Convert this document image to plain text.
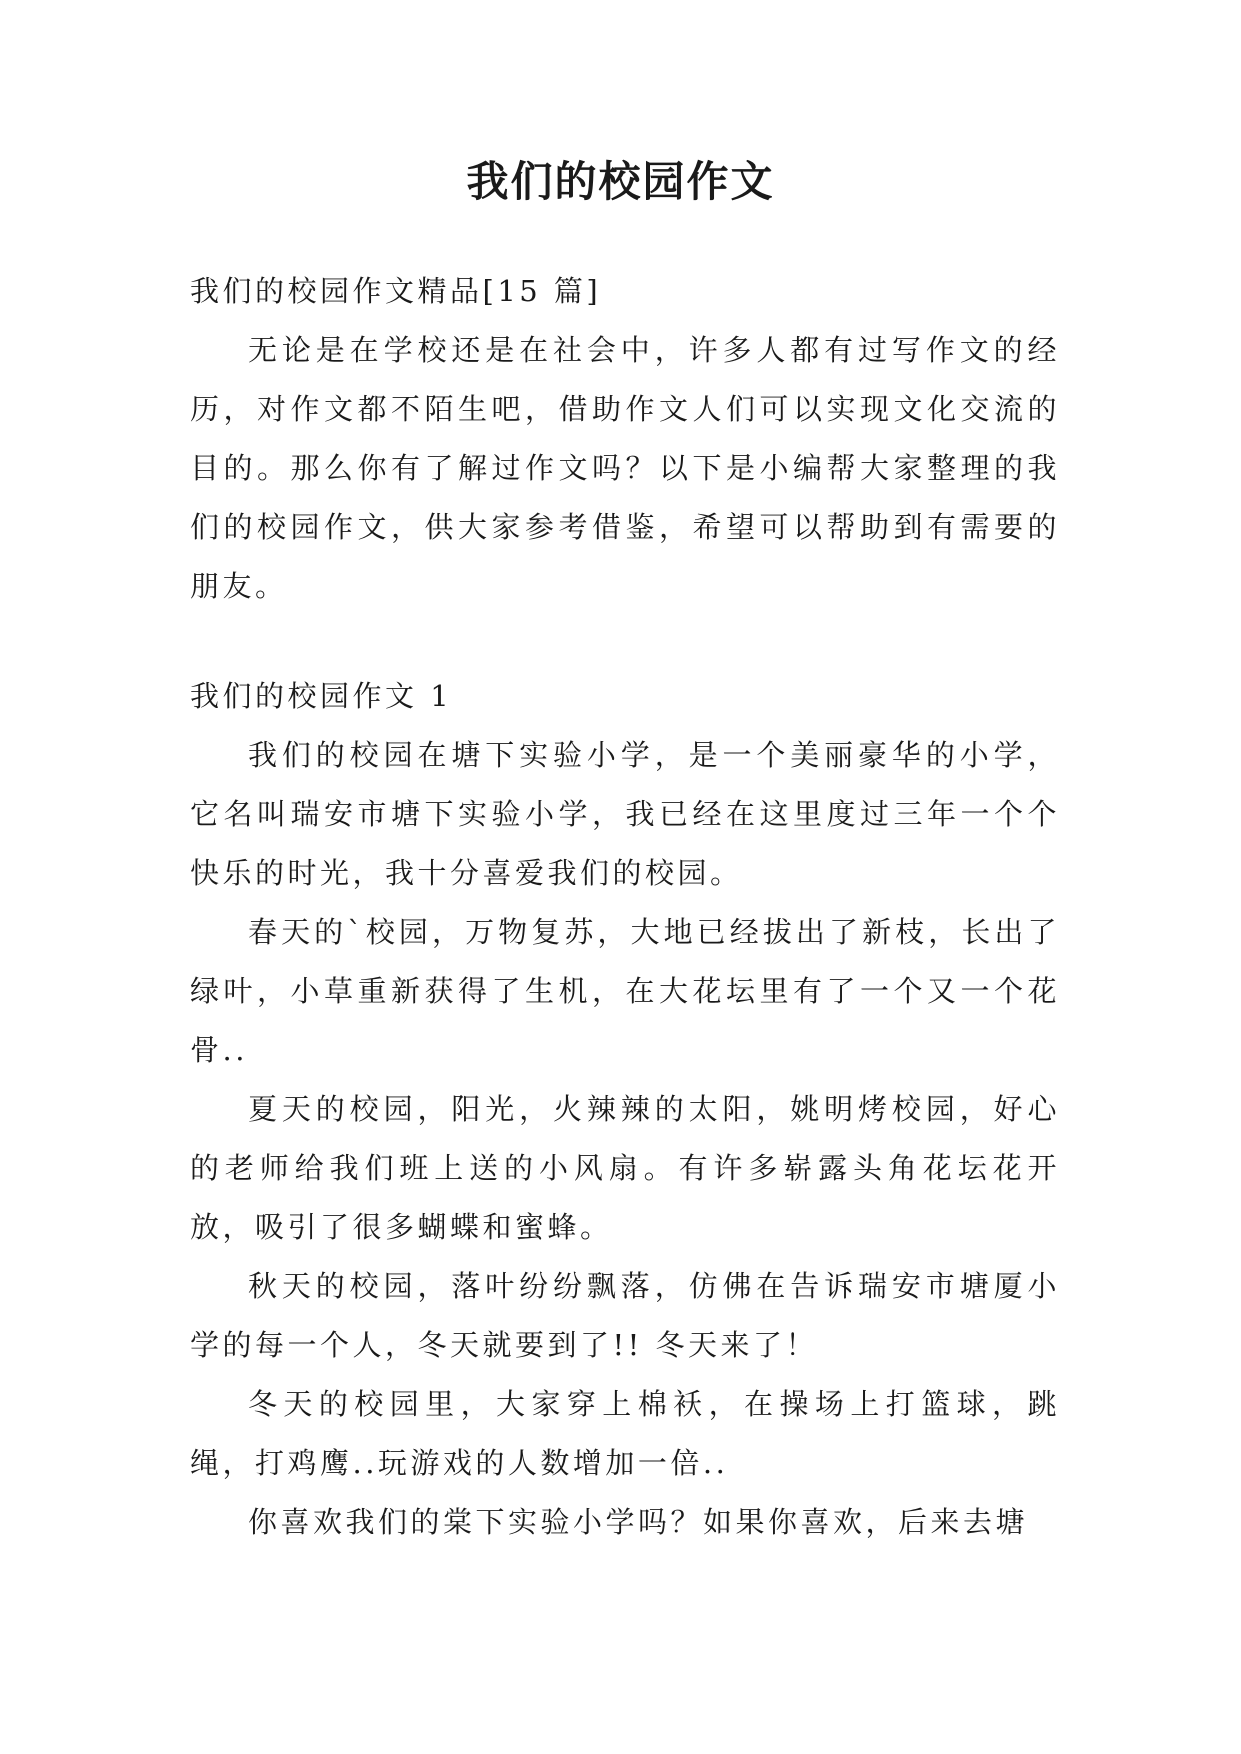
我们的校园作文

我们的校园作文精品[15 篇]

无论是在学校还是在社会中，许多人都有过写作文的经历，对作文都不陌生吧，借助作文人们可以实现文化交流的目的。那么你有了解过作文吗？以下是小编帮大家整理的我们的校园作文，供大家参考借鉴，希望可以帮助到有需要的朋友。

我们的校园作文 1

我们的校园在塘下实验小学，是一个美丽豪华的小学，它名叫瑞安市塘下实验小学，我已经在这里度过三年一个个快乐的时光，我十分喜爱我们的校园。

春天的`校园，万物复苏，大地已经拔出了新枝，长出了绿叶，小草重新获得了生机，在大花坛里有了一个又一个花骨..

夏天的校园，阳光，火辣辣的太阳，姚明烤校园，好心的老师给我们班上送的小风扇。有许多崭露头角花坛花开放，吸引了很多蝴蝶和蜜蜂。

秋天的校园，落叶纷纷飘落，仿佛在告诉瑞安市塘厦小学的每一个人，冬天就要到了!! 冬天来了！

冬天的校园里，大家穿上棉袄，在操场上打篮球，跳绳，打鸡鹰..玩游戏的人数增加一倍..

你喜欢我们的棠下实验小学吗？如果你喜欢，后来去塘
